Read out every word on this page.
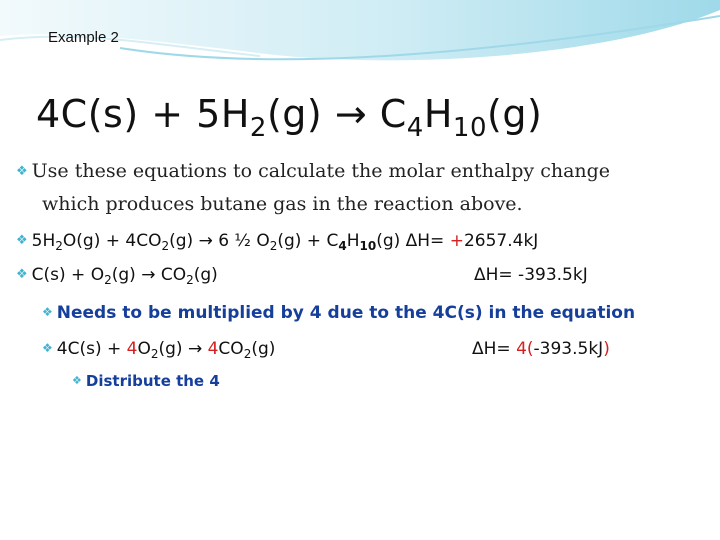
Example 2
$4C(s) + 5H_2(g) \to C_4H_{10}(g)$
❖ Use these equations to calculate the molar enthalpy change
which produces butane gas in the reaction above.
❖ $5H_2O(g) + 4CO_2(g) \to 6$ ½ $O_2(g) + C_4H_{10}(g)$ ΔH= +2657.4kJ
❖ $C(s) + O_2(g) \to CO_2(g)$	ΔH= -393.5kJ
❖ Needs to be multiplied by 4 due to the 4C(s) in the equation
❖ $4C(s) + 4O_2(g) \to 4CO_2(g)$	ΔH= 4(-393.5kJ)
❖ Distribute the 4
